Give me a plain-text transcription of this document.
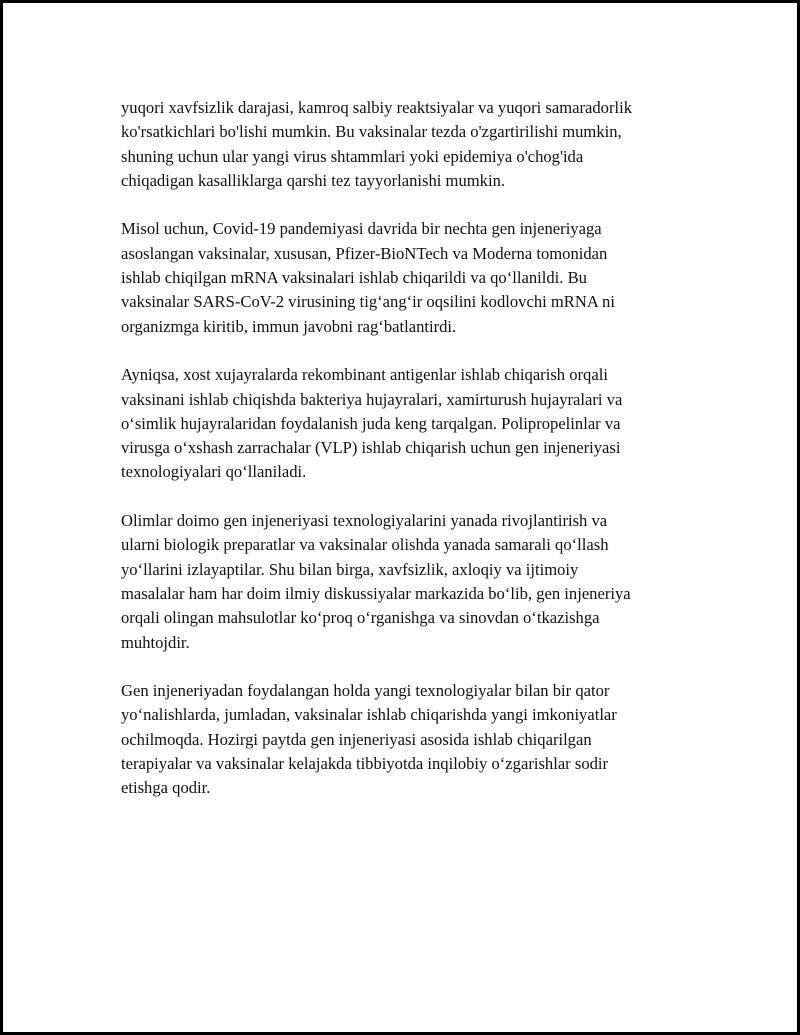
yuqori xavfsizlik darajasi, kamroq salbiy reaktsiyalar va yuqori samaradorlik
ko'rsatkichlari bo'lishi mumkin. Bu vaksinalar tezda o'zgartirilishi mumkin,
shuning uchun ular yangi virus shtammlari yoki epidemiya o'chog'ida
chiqadigan kasalliklarga qarshi tez tayyorlanishi mumkin.

Misol uchun, Covid-19 pandemiyasi davrida bir nechta gen injeneriyaga
asoslangan vaksinalar, xususan, Pfizer-BioNTech va Moderna tomonidan
ishlab chiqilgan mRNA vaksinalari ishlab chiqarildi va qo‘llanildi. Bu
vaksinalar SARS-CoV-2 virusining tig‘ang‘ir oqsilini kodlovchi mRNA ni
organizmga kiritib, immun javobni rag‘batlantirdi.

Ayniqsa, xost xujayralarda rekombinant antigenlar ishlab chiqarish orqali
vaksinani ishlab chiqishda bakteriya hujayralari, xamirturush hujayralari va
o‘simlik hujayralaridan foydalanish juda keng tarqalgan. Polipropelinlar va
virusga o‘xshash zarrachalar (VLP) ishlab chiqarish uchun gen injeneriyasi
texnologiyalari qo‘llaniladi.

Olimlar doimo gen injeneriyasi texnologiyalarini yanada rivojlantirish va
ularni biologik preparatlar va vaksinalar olishda yanada samarali qo‘llash
yo‘llarini izlayaptilar. Shu bilan birga, xavfsizlik, axloqiy va ijtimoiy
masalalar ham har doim ilmiy diskussiyalar markazida bo‘lib, gen injeneriya
orqali olingan mahsulotlar ko‘proq o‘rganishga va sinovdan o‘tkazishga
muhtojdir.

Gen injeneriyadan foydalangan holda yangi texnologiyalar bilan bir qator
yo‘nalishlarda, jumladan, vaksinalar ishlab chiqarishda yangi imkoniyatlar
ochilmoqda. Hozirgi paytda gen injeneriyasi asosida ishlab chiqarilgan
terapiyalar va vaksinalar kelajakda tibbiyotda inqilobiy o‘zgarishlar sodir
etishga qodir.
